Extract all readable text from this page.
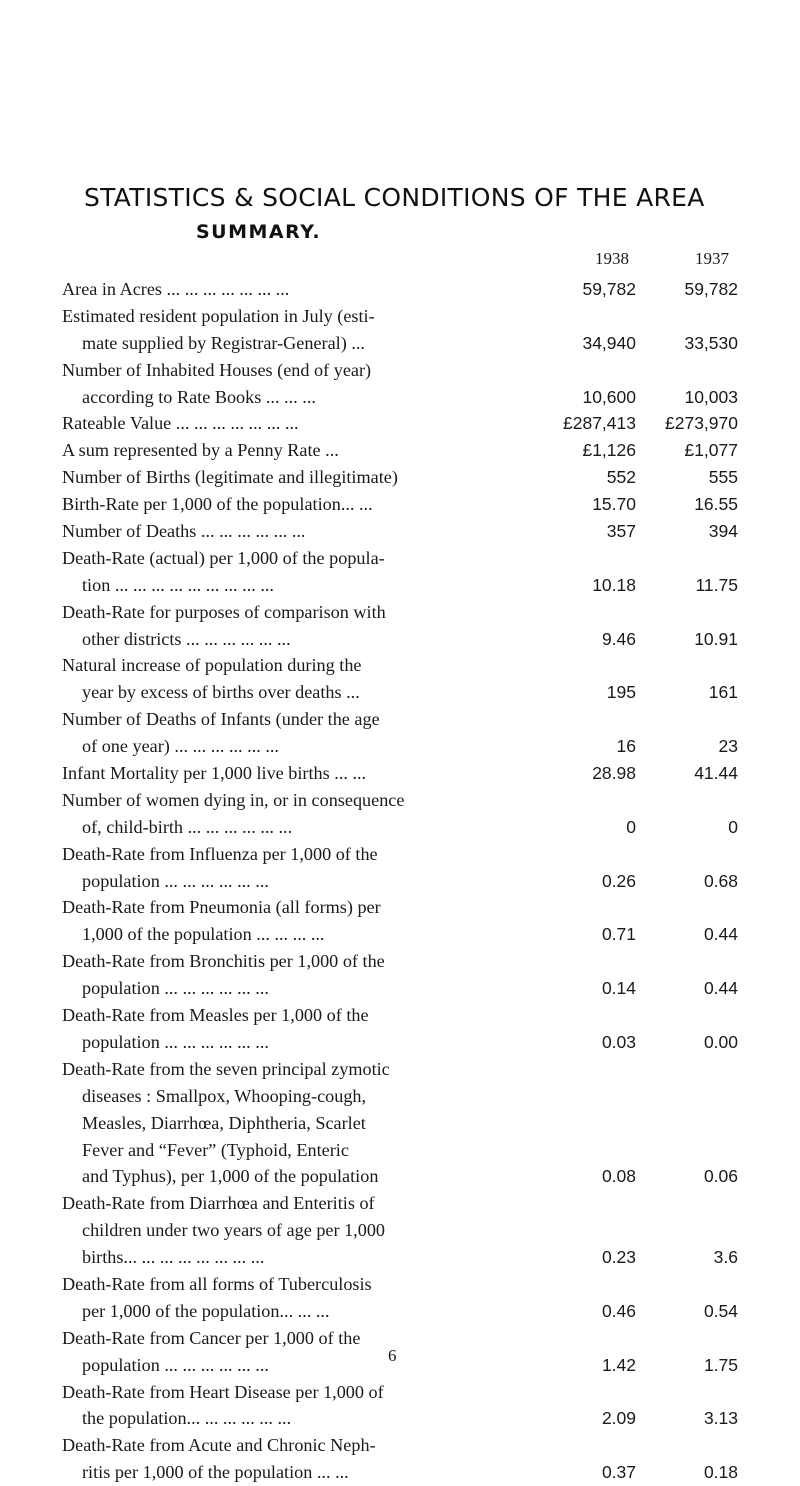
STATISTICS & SOCIAL CONDITIONS OF THE AREA
SUMMARY.
1938	1937
Area in Acres ... ... ... ... ... ... ...	59,782	59,782
Estimated resident population in July (esti-
mate supplied by Registrar-General) ...	34,940	33,530
Number of Inhabited Houses (end of year)
according to Rate Books ... ... ...	10,600	10,003
Rateable Value ... ... ... ... ... ... ...	£287,413	£273,970
A sum represented by a Penny Rate ...	£1,126	£1,077
Number of Births (legitimate and illegitimate)	552	555
Birth-Rate per 1,000 of the population... ...	15.70	16.55
Number of Deaths ... ... ... ... ... ...	357	394
Death-Rate (actual) per 1,000 of the popula-
tion ... ... ... ... ... ... ... ... ...	10.18	11.75
Death-Rate for purposes of comparison with
other districts ... ... ... ... ... ...	9.46	10.91
Natural increase of population during the
year by excess of births over deaths ...	195	161
Number of Deaths of Infants (under the age
of one year) ... ... ... ... ... ...	16	23
Infant Mortality per 1,000 live births ... ...	28.98	41.44
Number of women dying in, or in consequence
of, child-birth ... ... ... ... ... ...	0	0
Death-Rate from Influenza per 1,000 of the
population ... ... ... ... ... ...	0.26	0.68
Death-Rate from Pneumonia (all forms) per
1,000 of the population ... ... ... ...	0.71	0.44
Death-Rate from Bronchitis per 1,000 of the
population ... ... ... ... ... ...	0.14	0.44
Death-Rate from Measles per 1,000 of the
population ... ... ... ... ... ...	0.03	0.00
Death-Rate from the seven principal zymotic
diseases : Smallpox, Whooping-cough,
Measles, Diarrhœa, Diphtheria, Scarlet
Fever and “Fever” (Typhoid, Enteric
and Typhus), per 1,000 of the population	0.08	0.06
Death-Rate from Diarrhœa and Enteritis of
children under two years of age per 1,000
births... ... ... ... ... ... ... ...	0.23	3.6
Death-Rate from all forms of Tuberculosis
per 1,000 of the population... ... ...	0.46	0.54
Death-Rate from Cancer per 1,000 of the
population ... ... ... ... ... ...	1.42	1.75
Death-Rate from Heart Disease per 1,000 of
the population... ... ... ... ... ...	2.09	3.13
Death-Rate from Acute and Chronic Neph-
ritis per 1,000 of the population ... ...	0.37	0.18
6
